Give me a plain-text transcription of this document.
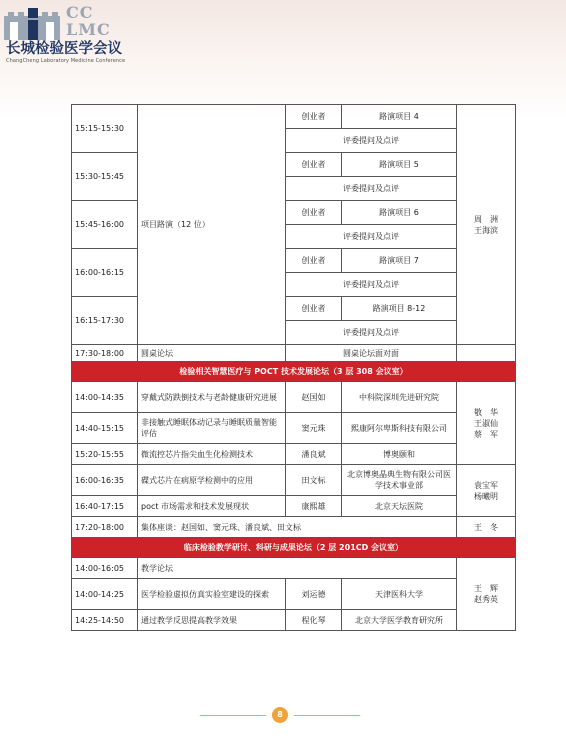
CC
LMC
长城检验医学会议
ChangCheng Laboratory Medicine Conference
15:15-15:30	项目路演（12 位）	创业者	路演项目 4	周　洲
王海滨
		评委提问及点评		
15:30-15:45		创业者	路演项目 5	
		评委提问及点评		
15:45-16:00		创业者	路演项目 6	
		评委提问及点评		
16:00-16:15		创业者	路演项目 7	
		评委提问及点评		
16:15-17:30		创业者	路演项目 8-12	
		评委提问及点评		
17:30-18:00	圆桌论坛	圆桌论坛面对面		
检验相关智慧医疗与 POCT 技术发展论坛（3 层 308 会议室）				
14:00-14:35	穿戴式防跌倒技术与老龄健康研究进展	赵国如	中科院深圳先进研究院	敬　华
王淑仙
蔡　军
14:40-15:15	非接触式睡眠体动记录与睡眠质量智能评估	窦元珠	熙康阿尔卑斯科技有限公司	
15:20-15:55	微流控芯片指尖血生化检测技术	潘良斌	博奥颐和	
16:00-16:35	碟式芯片在病原学检测中的应用	田文标	北京博奥晶典生物有限公司医学技术事业部	袁宝军
杨曦明
16:40-17:15	poct 市场需求和技术发展现状	康熙雄	北京天坛医院	
17:20-18:00	集体座谈：赵国如、窦元珠、潘良斌、田文标			王　冬
临床检验教学研讨、科研与成果论坛（2 层 201CD 会议室）				
14:00-16:05	教学论坛			王　辉
赵秀英
14:00-14:25	医学检验虚拟仿真实验室建设的探索	刘运德	天津医科大学	
14:25-14:50	通过教学反思提高教学效果	程化琴	北京大学医学教育研究所	
8
